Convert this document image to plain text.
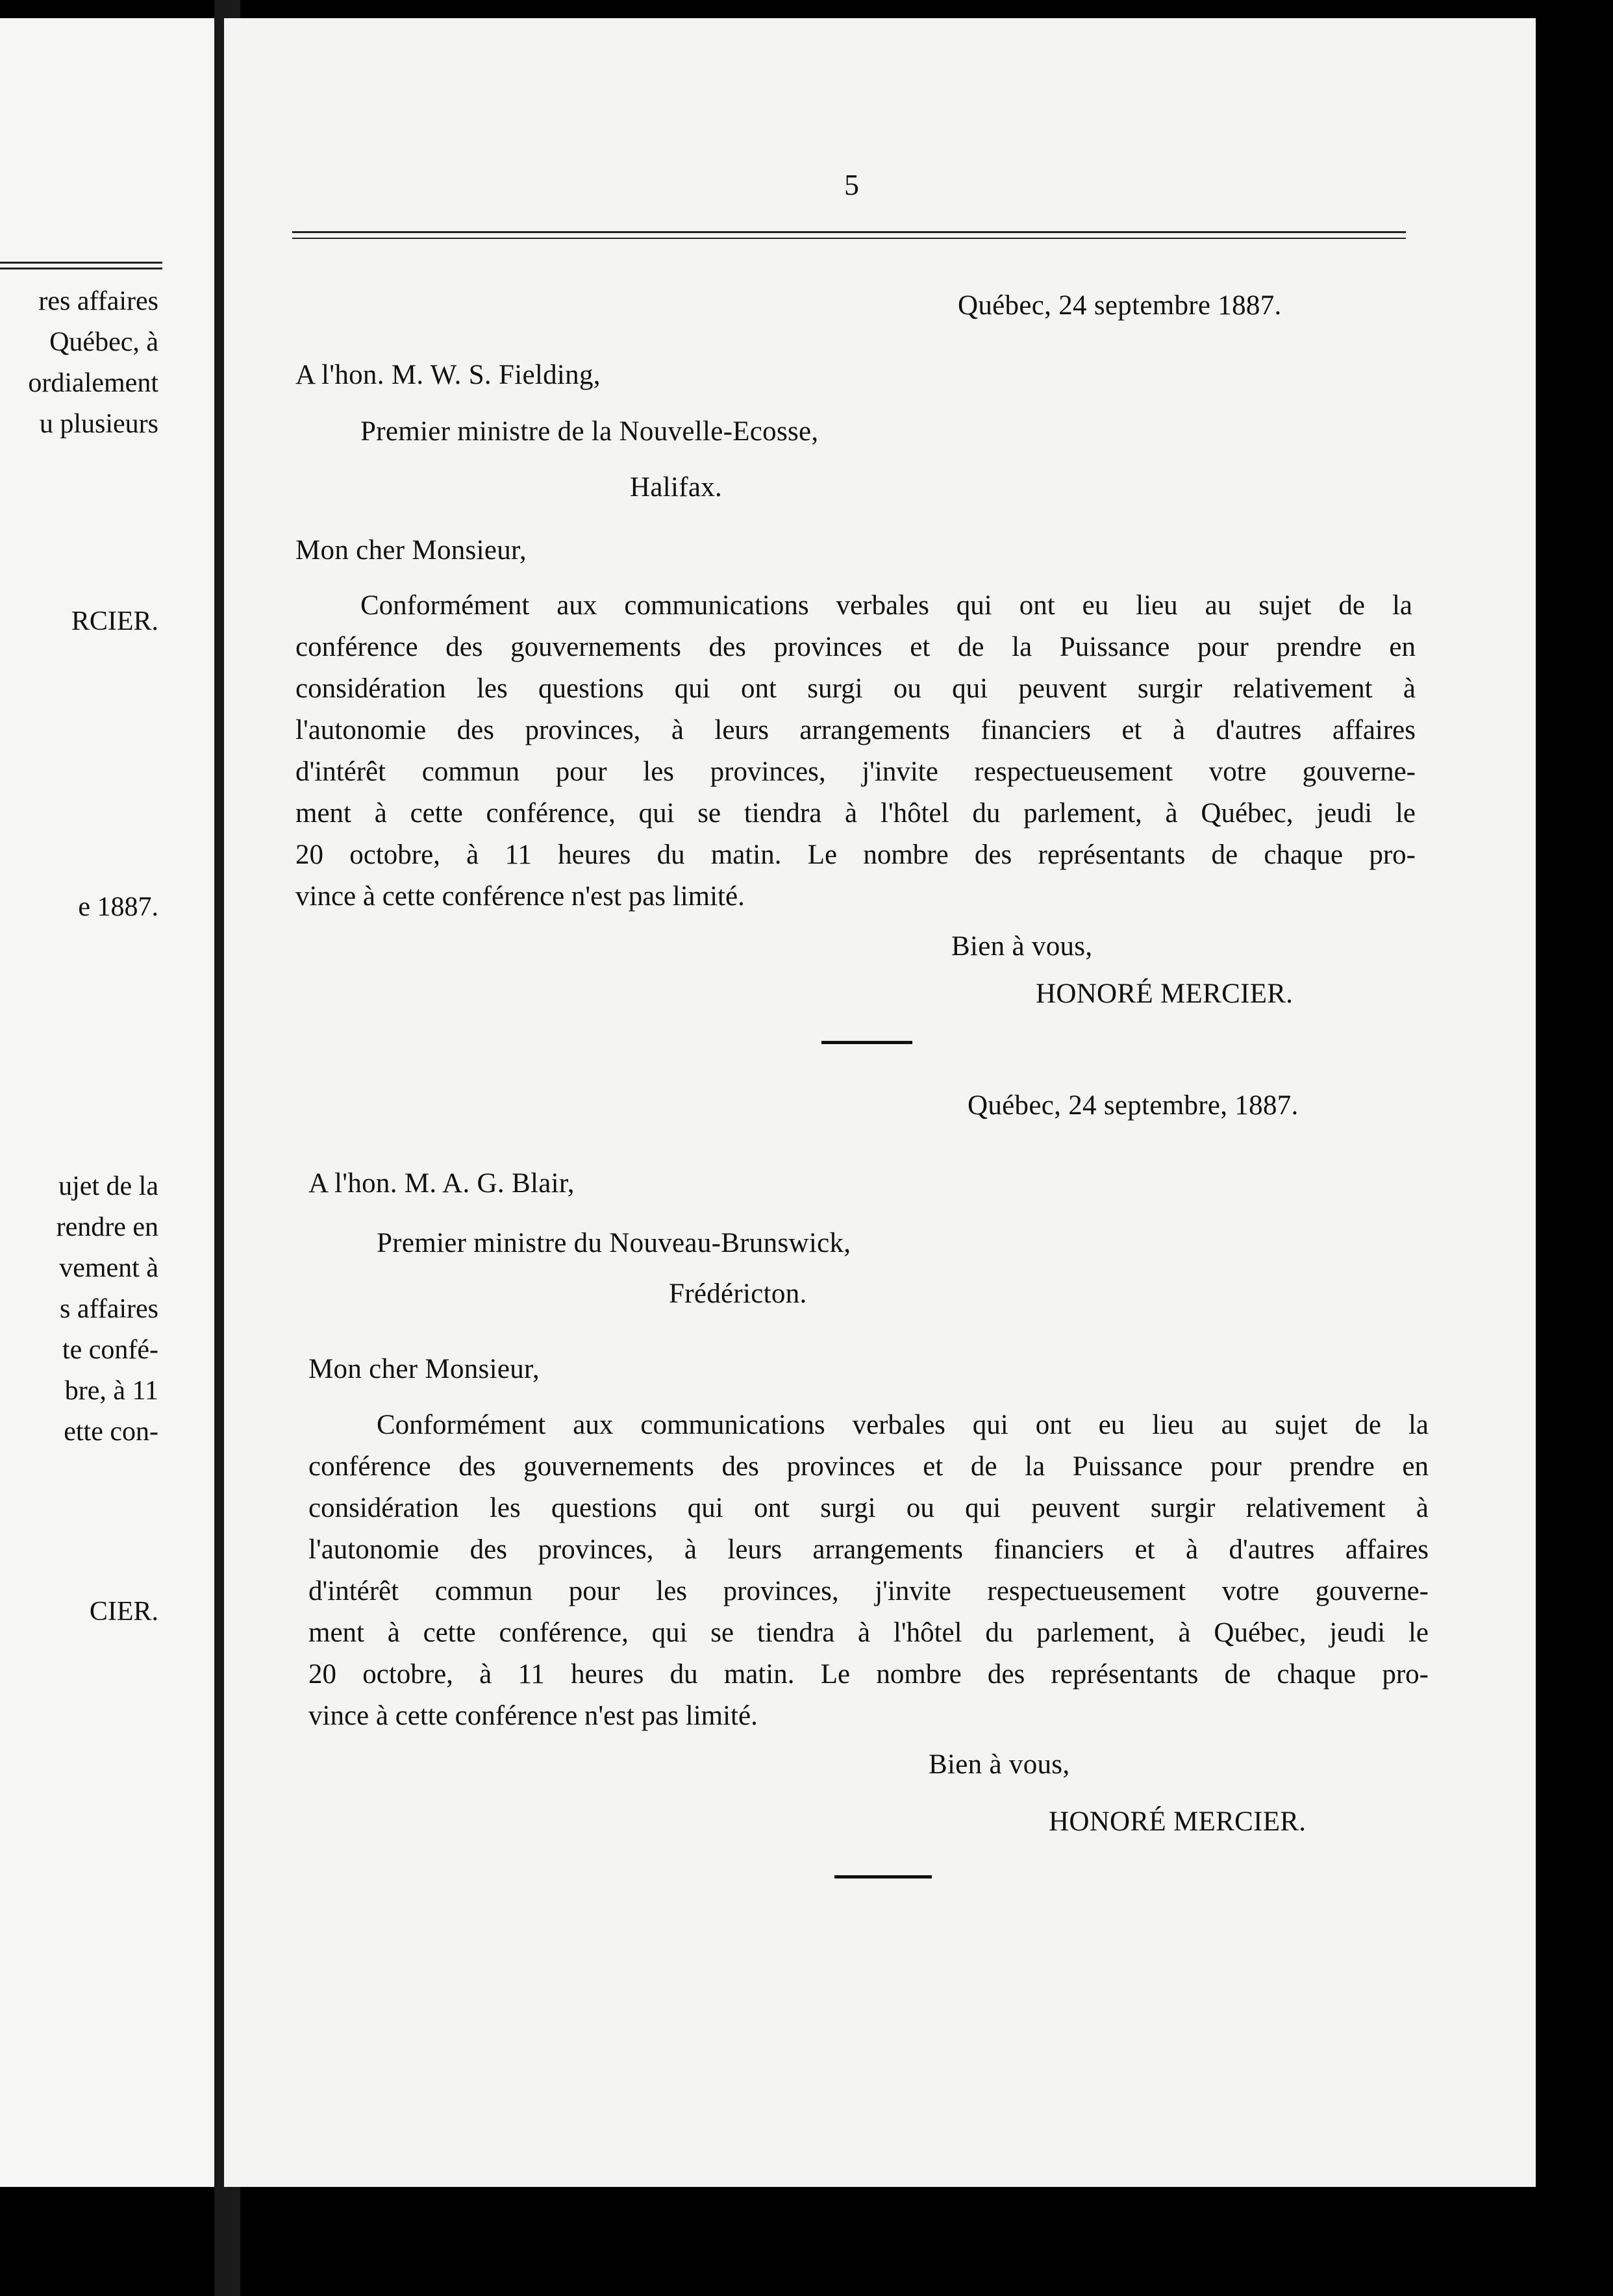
res affaires
Québec, à
ordialement
u plusieurs
RCIER.
e 1887.
ujet de la
rendre en
vement à
s affaires
te confé-
bre, à 11
ette con-
CIER.
5
Québec, 24 septembre 1887.
A l'hon. M. W. S. Fielding,
Premier ministre de la Nouvelle-Ecosse,
Halifax.
Mon cher Monsieur,
Conformément aux communications verbales qui ont eu lieu au sujet de la
conférence des gouvernements des provinces et de la Puissance pour prendre en
considération les questions qui ont surgi ou qui peuvent surgir relativement à
l'autonomie des provinces, à leurs arrangements financiers et à d'autres affaires
d'intérêt commun pour les provinces, j'invite respectueusement votre gouverne-
ment à cette conférence, qui se tiendra à l'hôtel du parlement, à Québec, jeudi le
20 octobre, à 11 heures du matin. Le nombre des représentants de chaque pro-
vince à cette conférence n'est pas limité.
Bien à vous,
HONORÉ MERCIER.
Québec, 24 septembre, 1887.
A l'hon. M. A. G. Blair,
Premier ministre du Nouveau-Brunswick,
Frédéricton.
Mon cher Monsieur,
Conformément aux communications verbales qui ont eu lieu au sujet de la
conférence des gouvernements des provinces et de la Puissance pour prendre en
considération les questions qui ont surgi ou qui peuvent surgir relativement à
l'autonomie des provinces, à leurs arrangements financiers et à d'autres affaires
d'intérêt commun pour les provinces, j'invite respectueusement votre gouverne-
ment à cette conférence, qui se tiendra à l'hôtel du parlement, à Québec, jeudi le
20 octobre, à 11 heures du matin. Le nombre des représentants de chaque pro-
vince à cette conférence n'est pas limité.
Bien à vous,
HONORÉ MERCIER.
